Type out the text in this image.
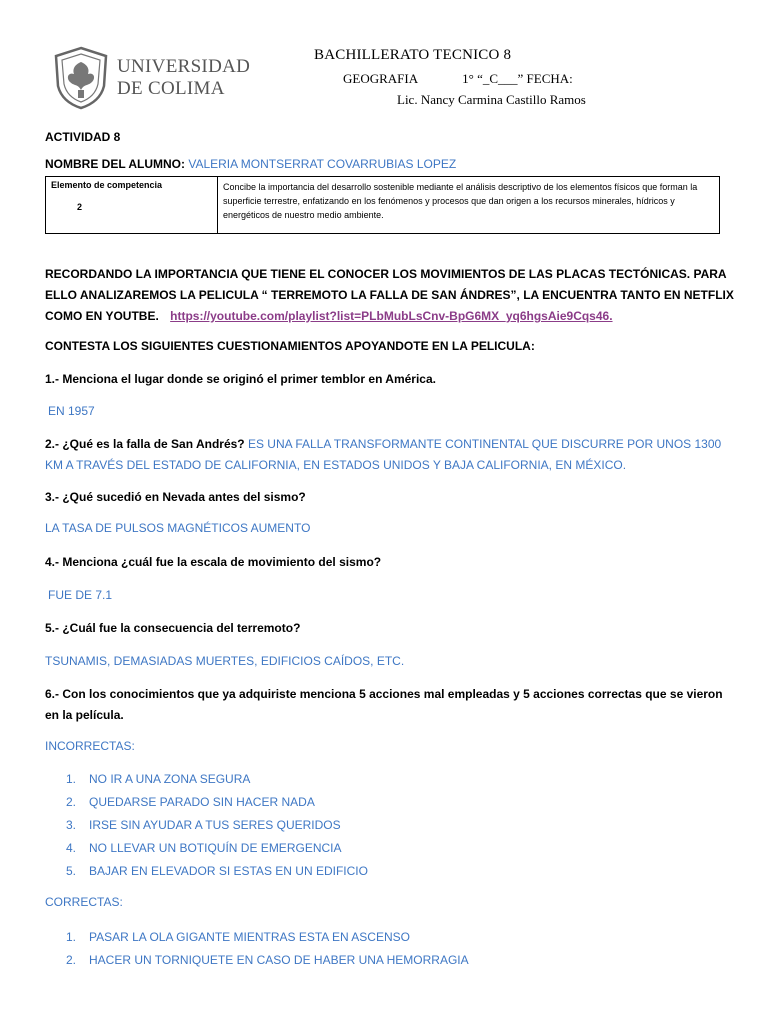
UNIVERSIDAD
DE COLIMA
BACHILLERATO TECNICO 8
GEOGRAFIA	1° “_C___” FECHA:
Lic. Nancy Carmina Castillo Ramos
ACTIVIDAD 8
NOMBRE DEL ALUMNO: VALERIA MONTSERRAT COVARRUBIAS LOPEZ
Elemento de competencia
2
	Concibe la importancia del desarrollo sostenible mediante el análisis descriptivo de los elementos físicos que forman la superficie terrestre, enfatizando en los fenómenos y procesos que dan origen a los recursos minerales, hídricos y energéticos de nuestro medio ambiente.
RECORDANDO LA IMPORTANCIA QUE TIENE EL CONOCER LOS MOVIMIENTOS DE LAS PLACAS TECTÓNICAS. PARA ELLO ANALIZAREMOS LA PELICULA “ TERREMOTO LA FALLA DE SAN ÁNDRES”, LA ENCUENTRA TANTO EN NETFLIX COMO EN YOUTBE. https://youtube.com/playlist?list=PLbMubLsCnv-BpG6MX_yq6hgsAie9Cqs46.
CONTESTA LOS SIGUIENTES CUESTIONAMIENTOS APOYANDOTE EN LA PELICULA:
1.- Menciona el lugar donde se originó el primer temblor en América.
EN 1957
2.- ¿Qué es la falla de San Andrés? ES UNA FALLA TRANSFORMANTE CONTINENTAL QUE DISCURRE POR UNOS 1300 KM A TRAVÉS DEL ESTADO DE CALIFORNIA, EN ESTADOS UNIDOS Y BAJA CALIFORNIA, EN MÉXICO.
3.- ¿Qué sucedió en Nevada antes del sismo?
LA TASA DE PULSOS MAGNÉTICOS AUMENTO
4.- Menciona ¿cuál fue la escala de movimiento del sismo?
FUE DE 7.1
5.- ¿Cuál fue la consecuencia del terremoto?
TSUNAMIS, DEMASIADAS MUERTES, EDIFICIOS CAÍDOS, ETC.
6.- Con los conocimientos que ya adquiriste menciona 5 acciones mal empleadas y 5 acciones correctas que se vieron en la película.
INCORRECTAS:
1. NO IR A UNA ZONA SEGURA
2. QUEDARSE PARADO SIN HACER NADA
3. IRSE SIN AYUDAR A TUS SERES QUERIDOS
4. NO LLEVAR UN BOTIQUÍN DE EMERGENCIA
5. BAJAR EN ELEVADOR SI ESTAS EN UN EDIFICIO
CORRECTAS:
1. PASAR LA OLA GIGANTE MIENTRAS ESTA EN ASCENSO
2. HACER UN TORNIQUETE EN CASO DE HABER UNA HEMORRAGIA
